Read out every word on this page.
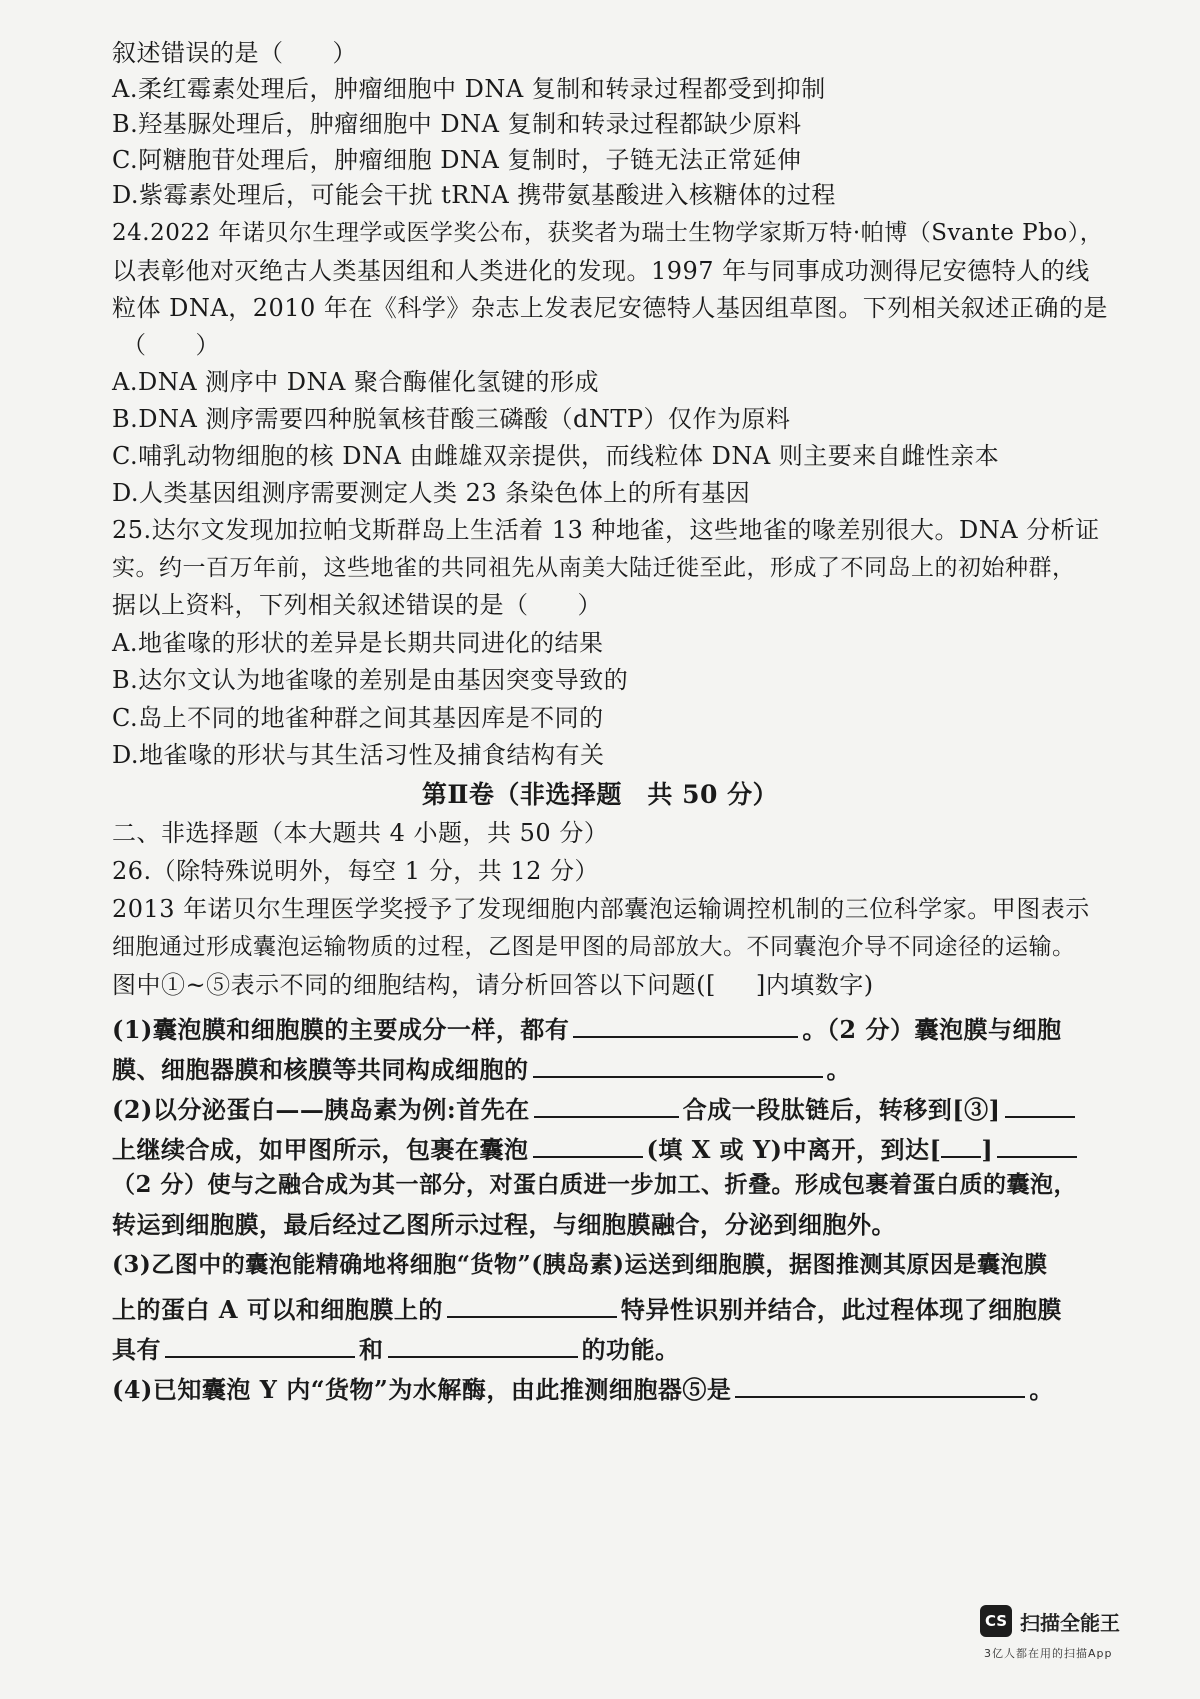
叙述错误的是（　　）
A.柔红霉素处理后，肿瘤细胞中 DNA 复制和转录过程都受到抑制
B.羟基脲处理后，肿瘤细胞中 DNA 复制和转录过程都缺少原料
C.阿糖胞苷处理后，肿瘤细胞 DNA 复制时，子链无法正常延伸
D.紫霉素处理后，可能会干扰 tRNA 携带氨基酸进入核糖体的过程
24.2022 年诺贝尔生理学或医学奖公布，获奖者为瑞士生物学家斯万特·帕博（Svante Pbo），
以表彰他对灭绝古人类基因组和人类进化的发现。1997 年与同事成功测得尼安德特人的线
粒体 DNA，2010 年在《科学》杂志上发表尼安德特人基因组草图。下列相关叙述正确的是
（　　）
A.DNA 测序中 DNA 聚合酶催化氢键的形成
B.DNA 测序需要四种脱氧核苷酸三磷酸（dNTP）仅作为原料
C.哺乳动物细胞的核 DNA 由雌雄双亲提供，而线粒体 DNA 则主要来自雌性亲本
D.人类基因组测序需要测定人类 23 条染色体上的所有基因
25.达尔文发现加拉帕戈斯群岛上生活着 13 种地雀，这些地雀的喙差别很大。DNA 分析证
实。约一百万年前，这些地雀的共同祖先从南美大陆迁徙至此，形成了不同岛上的初始种群，
据以上资料，下列相关叙述错误的是（　　）
A.地雀喙的形状的差异是长期共同进化的结果
B.达尔文认为地雀喙的差别是由基因突变导致的
C.岛上不同的地雀种群之间其基因库是不同的
D.地雀喙的形状与其生活习性及捕食结构有关
第Ⅱ卷（非选择题　共 50 分）
二、非选择题（本大题共 4 小题，共 50 分）
26.（除特殊说明外，每空 1 分，共 12 分）
2013 年诺贝尔生理医学奖授予了发现细胞内部囊泡运输调控机制的三位科学家。甲图表示
细胞通过形成囊泡运输物质的过程，乙图是甲图的局部放大。不同囊泡介导不同途径的运输。
图中①~⑤表示不同的细胞结构，请分析回答以下问题([ ]内填数字)
(1)囊泡膜和细胞膜的主要成分一样，都有	。（2 分）囊泡膜与细胞
膜、细胞器膜和核膜等共同构成细胞的	。
(2)以分泌蛋白——胰岛素为例:首先在	合成一段肽链后，转移到[③]
上继续合成，如甲图所示，包裹在囊泡	(填 X 或 Y)中离开，到达[ ]
（2 分）使与之融合成为其一部分，对蛋白质进一步加工、折叠。形成包裹着蛋白质的囊泡，
转运到细胞膜，最后经过乙图所示过程，与细胞膜融合，分泌到细胞外。
(3)乙图中的囊泡能精确地将细胞“货物”(胰岛素)运送到细胞膜，据图推测其原因是囊泡膜
上的蛋白 A 可以和细胞膜上的	特异性识别并结合，此过程体现了细胞膜
具有	和	的功能。
(4)已知囊泡 Y 内“货物”为水解酶，由此推测细胞器⑤是	。
CS 扫描全能王
3亿人都在用的扫描App
